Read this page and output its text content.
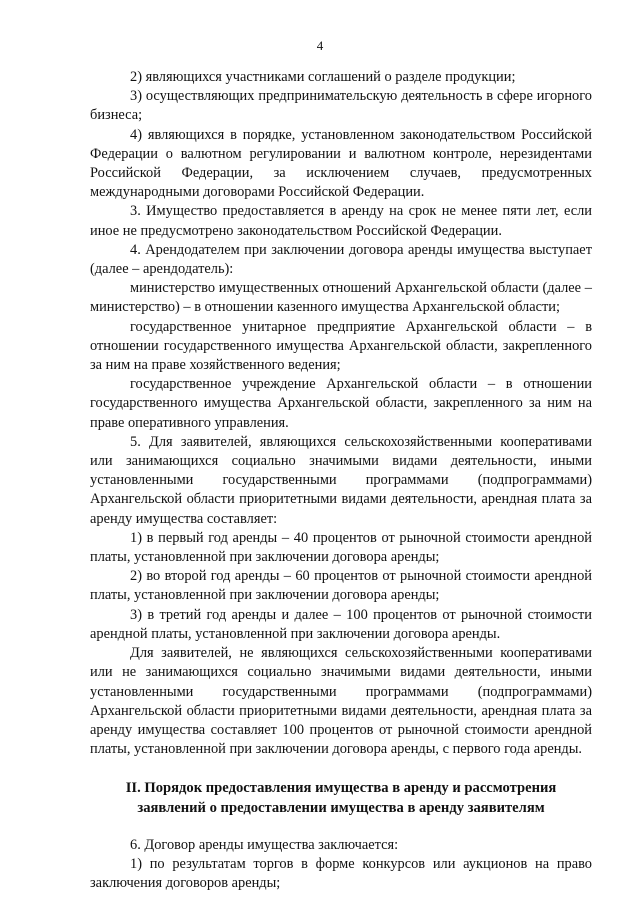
4

2) являющихся участниками соглашений о разделе продукции;

3) осуществляющих предпринимательскую деятельность в сфере игорного бизнеса;

4) являющихся в порядке, установленном законодательством Российской Федерации о валютном регулировании и валютном контроле, нерезидентами Российской Федерации, за исключением случаев, предусмотренных международными договорами Российской Федерации.

3. Имущество предоставляется в аренду на срок не менее пяти лет, если иное не предусмотрено законодательством Российской Федерации.

4. Арендодателем при заключении договора аренды имущества выступает (далее – арендодатель):

министерство имущественных отношений Архангельской области (далее – министерство) – в отношении казенного имущества Архангельской области;

государственное унитарное предприятие Архангельской области – в отношении государственного имущества Архангельской области, закрепленного за ним на праве хозяйственного ведения;

государственное учреждение Архангельской области – в отношении государственного имущества Архангельской области, закрепленного за ним на праве оперативного управления.

5. Для заявителей, являющихся сельскохозяйственными кооперативами или занимающихся социально значимыми видами деятельности, иными установленными государственными программами (подпрограммами) Архангельской области приоритетными видами деятельности, арендная плата за аренду имущества составляет:

1) в первый год аренды – 40 процентов от рыночной стоимости арендной платы, установленной при заключении договора аренды;

2) во второй год аренды – 60 процентов от рыночной стоимости арендной платы, установленной при заключении договора аренды;

3) в третий год аренды и далее – 100 процентов от рыночной стоимости арендной платы, установленной при заключении договора аренды.

Для заявителей, не являющихся сельскохозяйственными кооперативами или не занимающихся социально значимыми видами деятельности, иными установленными государственными программами (подпрограммами) Архангельской области приоритетными видами деятельности, арендная плата за аренду имущества составляет 100 процентов от рыночной стоимости арендной платы, установленной при заключении договора аренды, с первого года аренды.

II. Порядок предоставления имущества в аренду и рассмотрения
заявлений о предоставлении имущества в аренду заявителям

6. Договор аренды имущества заключается:

1) по результатам торгов в форме конкурсов или аукционов на право заключения договоров аренды;
